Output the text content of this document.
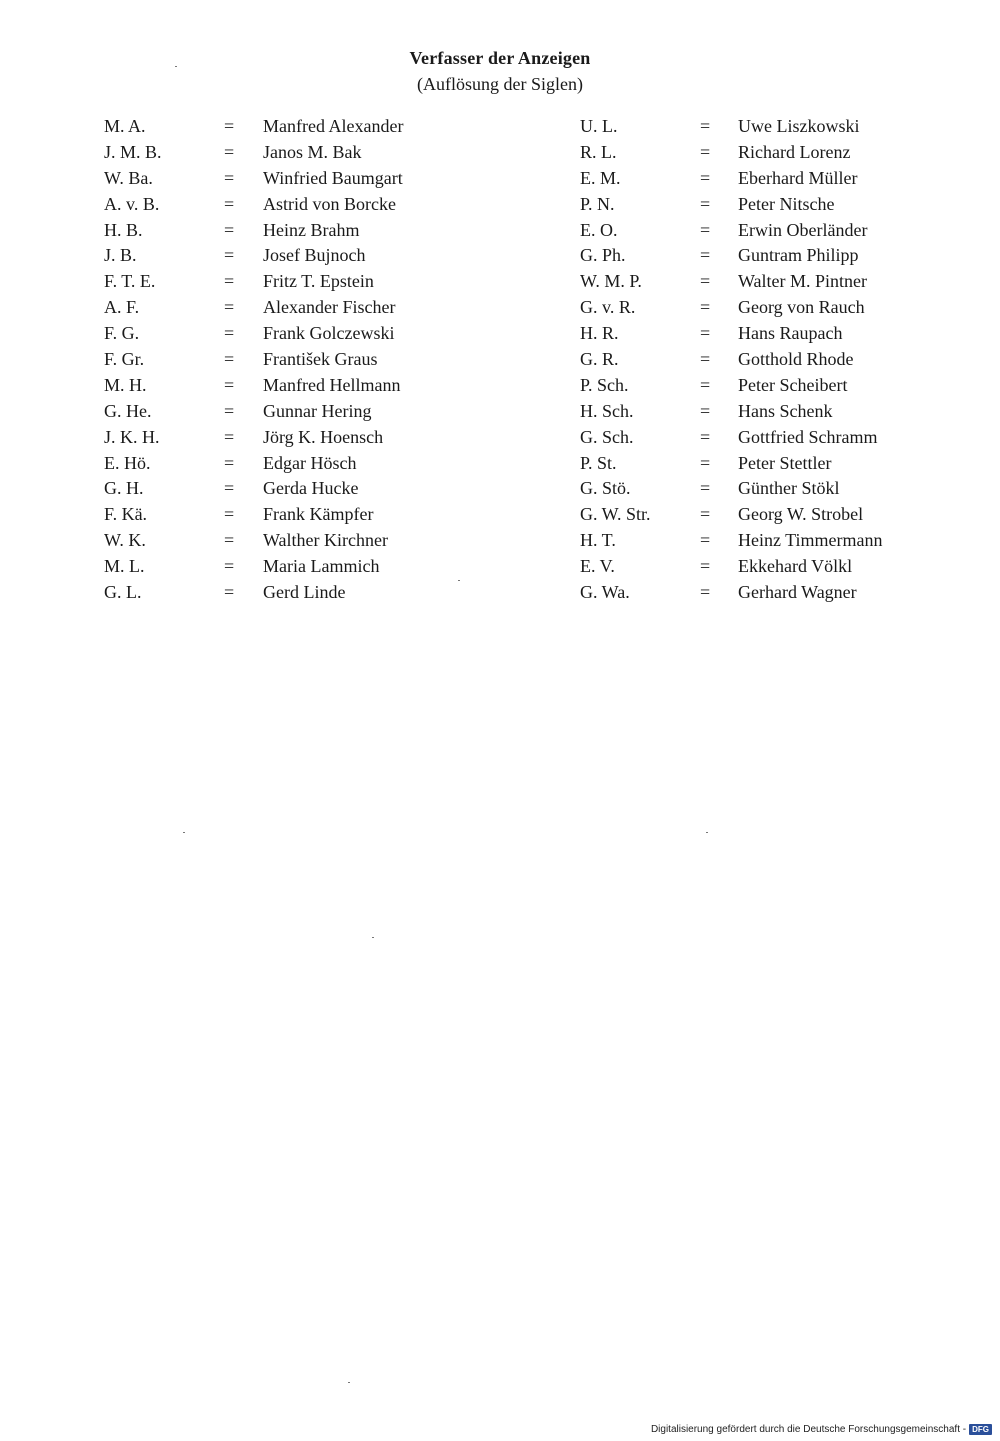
Verfasser der Anzeigen
(Auflösung der Siglen)
M. A.	= Manfred Alexander
J. M. B.	= Janos M. Bak
W. Ba.	= Winfried Baumgart
A. v. B.	= Astrid von Borcke
H. B.	= Heinz Brahm
J. B.	= Josef Bujnoch
F. T. E.	= Fritz T. Epstein
A. F.	= Alexander Fischer
F. G.	= Frank Golczewski
F. Gr.	= František Graus
M. H.	= Manfred Hellmann
G. He.	= Gunnar Hering
J. K. H.	= Jörg K. Hoensch
E. Hö.	= Edgar Hösch
G. H.	= Gerda Hucke
F. Kä.	= Frank Kämpfer
W. K.	= Walther Kirchner
M. L.	= Maria Lammich
G. L.	= Gerd Linde
U. L.	= Uwe Liszkowski
R. L.	= Richard Lorenz
E. M.	= Eberhard Müller
P. N.	= Peter Nitsche
E. O.	= Erwin Oberländer
G. Ph.	= Guntram Philipp
W. M. P.	= Walter M. Pintner
G. v. R.	= Georg von Rauch
H. R.	= Hans Raupach
G. R.	= Gotthold Rhode
P. Sch.	= Peter Scheibert
H. Sch.	= Hans Schenk
G. Sch.	= Gottfried Schramm
P. St.	= Peter Stettler
G. Stö.	= Günther Stökl
G. W. Str.	= Georg W. Strobel
H. T.	= Heinz Timmermann
E. V.	= Ekkehard Völkl
G. Wa.	= Gerhard Wagner
Digitalisierung gefördert durch die Deutsche Forschungsgemeinschaft - DFG
